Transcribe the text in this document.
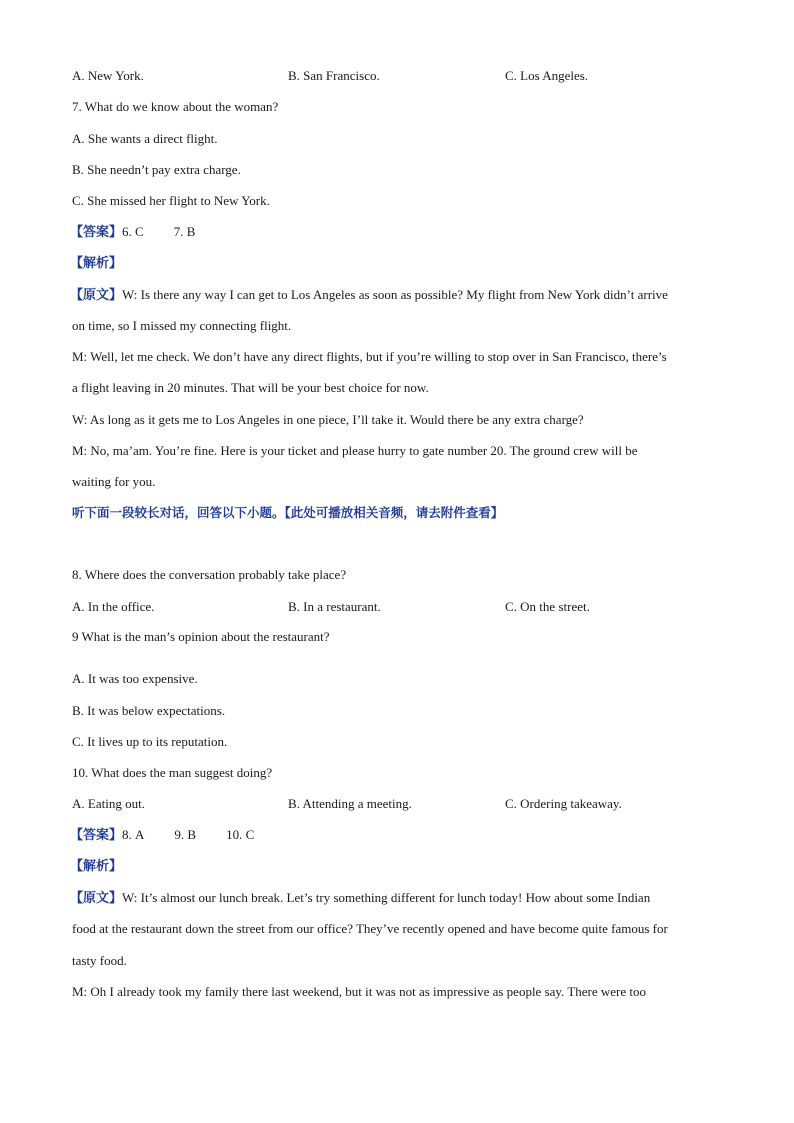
A. New York.	B. San Francisco.	C. Los Angeles.
7. What do we know about the woman?
A. She wants a direct flight.
B. She needn’t pay extra charge.
C. She missed her flight to New York.
【答案】6. C 7. B
【解析】
【原文】W: Is there any way I can get to Los Angeles as soon as possible? My flight from New York didn’t arrive
on time, so I missed my connecting flight.
M: Well, let me check. We don’t have any direct flights, but if you’re willing to stop over in San Francisco, there’s
a flight leaving in 20 minutes. That will be your best choice for now.
W: As long as it gets me to Los Angeles in one piece, I’ll take it. Would there be any extra charge?
M: No, ma’am. You’re fine. Here is your ticket and please hurry to gate number 20. The ground crew will be
waiting for you.
听下面一段较长对话，回答以下小题。【此处可播放相关音频，请去附件查看】
8. Where does the conversation probably take place?
A. In the office.	B. In a restaurant.	C. On the street.
9 What is the man’s opinion about the restaurant?
A. It was too expensive.
B. It was below expectations.
C. It lives up to its reputation.
10. What does the man suggest doing?
A. Eating out.	B. Attending a meeting.	C. Ordering takeaway.
【答案】8. A 9. B 10. C
【解析】
【原文】W: It’s almost our lunch break. Let’s try something different for lunch today! How about some Indian
food at the restaurant down the street from our office? They’ve recently opened and have become quite famous for
tasty food.
M: Oh I already took my family there last weekend, but it was not as impressive as people say. There were too
